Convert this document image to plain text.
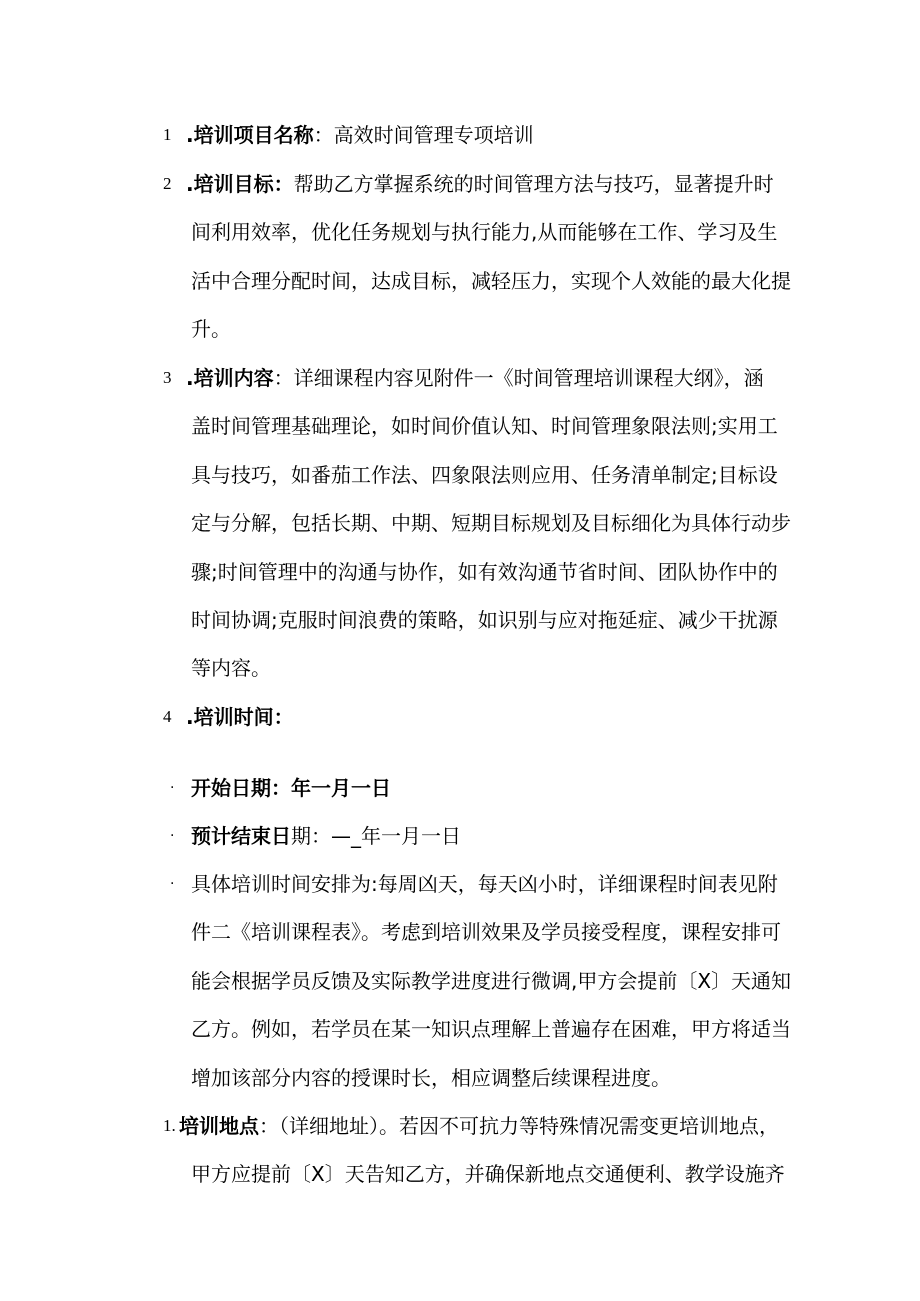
1 .培训项目名称：高效时间管理专项培训
2 .培训目标：帮助乙方掌握系统的时间管理方法与技巧，显著提升时
间利用效率，优化任务规划与执行能力,从而能够在工作、学习及生
活中合理分配时间，达成目标，减轻压力，实现个人效能的最大化提
升。
3 .培训内容：详细课程内容见附件一《时间管理培训课程大纲》，涵
盖时间管理基础理论，如时间价值认知、时间管理象限法则;实用工
具与技巧，如番茄工作法、四象限法则应用、任务清单制定;目标设
定与分解，包括长期、中期、短期目标规划及目标细化为具体行动步
骤;时间管理中的沟通与协作，如有效沟通节省时间、团队协作中的
时间协调;克服时间浪费的策略，如识别与应对拖延症、减少干扰源
等内容。
4 .培训时间：
· 开始日期：年一月一日
· 预计结束日期：—_年一月一日
· 具体培训时间安排为:每周凶天，每天凶小时，详细课程时间表见附
件二《培训课程表》。考虑到培训效果及学员接受程度，课程安排可
能会根据学员反馈及实际教学进度进行微调,甲方会提前〔X〕天通知
乙方。例如，若学员在某一知识点理解上普遍存在困难，甲方将适当
增加该部分内容的授课时长，相应调整后续课程进度。
1. 培训地点：（详细地址）。若因不可抗力等特殊情况需变更培训地点，
甲方应提前〔X〕天告知乙方，并确保新地点交通便利、教学设施齐
